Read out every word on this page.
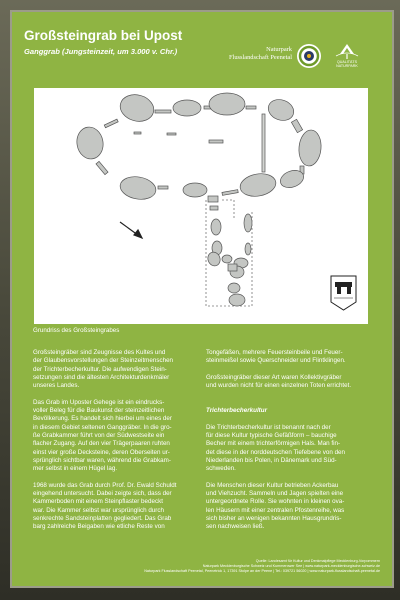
Großsteingrab bei Upost
Ganggrab (Jungsteinzeit, um 3.000 v. Chr.)	Naturpark
Flusslandschaft Peenetal
QUALITÄTS NATURPARK
Grundriss des Großsteingrabes

Großsteingräber sind Zeugnisse des Kultes und

der Glaubensvorstellungen der Steinzeitmenschen

der Trichterbecherkultur. Die aufwendigen Stein-

setzungen sind die ältesten Architekturdenkmäler

unseres Landes.

Das Grab im Uposter Gehege ist ein eindrucks-

voller Beleg für die Baukunst der steinzeitlichen

Bevölkerung. Es handelt sich hierbei um eines der

in diesem Gebiet seltenen Ganggräber. In die gro-

ße Grabkammer führt von der Südwestseite ein

flacher Zugang. Auf den vier Trägerpaaren ruhten

einst vier große Decksteine, deren Oberseiten ur-

sprünglich sichtbar waren, während die Grabkam-

mer selbst in einem Hügel lag.

1968 wurde das Grab durch Prof. Dr. Ewald Schuldt

eingehend untersucht. Dabei zeigte sich, dass der

Kammerboden mit einem Steinpflaster bedeckt

war. Die Kammer selbst war ursprünglich durch

senkrechte Sandsteinplatten gegliedert. Das Grab

barg zahlreiche Beigaben wie etliche Reste von

Tongefäßen, mehrere Feuersteinbeile und Feuer-

steinmeißel sowie Querschneider und Flintklingen.

Großsteingräber dieser Art waren Kollektivgräber

und wurden nicht für einen einzelnen Toten errichtet.

Trichterbecherkultur

Die Trichterbecherkultur ist benannt nach der

für diese Kultur typische Gefäßform – bauchige

Becher mit einem trichterförmigen Hals. Man fin-

det diese in der norddeutschen Tiefebene von den

Niederlanden bis Polen, in Dänemark und Süd-

schweden.

Die Menschen dieser Kultur betrieben Ackerbau

und Viehzucht. Sammeln und Jagen spielten eine

untergeordnete Rolle. Sie wohnten in kleinen ova-

len Häusern mit einer zentralen Pfostenreihe, was

sich bisher an wenigen bekannten Hausgrundris-

sen nachweisen ließ.

Quelle: Landesamt für Kultur und Denkmalpflege Mecklenburg-Vorpommern

Naturpark Mecklenburgische Schweiz und Kummerower See | www.naturpark-mecklenburgische-schweiz.de

Naturpark Flusslandschaft Peenetal, Peenetrick 1, 17391 Stolpe an der Peene | Tel.: 039721 56020 | www.naturpark-flusslandschaft-peenetal.de
